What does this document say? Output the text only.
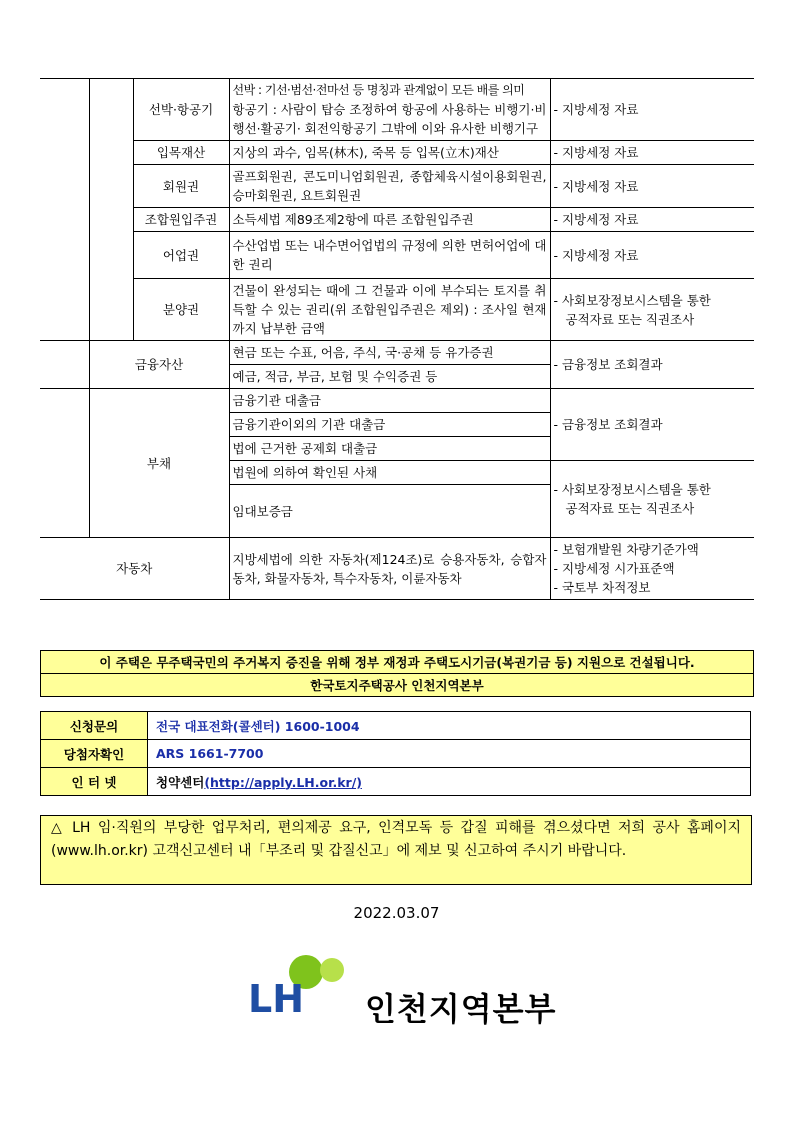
		선박·항공기	선박 : 기선·범선·전마선 등 명칭과 관계없이 모든 배를 의미
항공기 : 사람이 탑승 조정하여 항공에 사용하는 비행기·비행선·활공기· 회전익항공기 그밖에 이와 유사한 비행기구	- 지방세정 자료
		입목재산	지상의 과수, 임목(林木), 죽목 등 입목(立木)재산	- 지방세정 자료
		회원권	골프회원권, 콘도미니엄회원권, 종합체육시설이용회원권, 승마회원권, 요트회원권	- 지방세정 자료
		조합원입주권	소득세법 제89조제2항에 따른 조합원입주권	- 지방세정 자료
		어업권	수산업법 또는 내수면어업법의 규정에 의한 면허어업에 대한 권리	- 지방세정 자료
		분양권	건물이 완성되는 때에 그 건물과 이에 부수되는 토지를 취득할 수 있는 권리(위 조합원입주권은 제외) : 조사일 현재까지 납부한 금액	- 사회보장정보시스템을 통한
공적자료 또는 직권조사

	금융자산		현금 또는 수표, 어음, 주식, 국·공채 등 유가증권	- 금융정보 조회결과
			예금, 적금, 부금, 보험 및 수익증권 등	
	부채		금융기관 대출금	- 금융정보 조회결과
			금융기관이외의 기관 대출금	
			법에 근거한 공제회 대출금	
			법원에 의하여 확인된 사채	- 사회보장정보시스템을 통한
공적자료 또는 직권조사

			임대보증금	
자동차			지방세법에 의한 자동차(제124조)로 승용자동차, 승합자동차, 화물자동차, 특수자동차, 이륜자동차	- 보험개발원 차량기준가액
- 지방세정 시가표준액
- 국토부 차적정보
이 주택은 무주택국민의 주거복지 증진을 위해 정부 재정과 주택도시기금(복권기금 등) 지원으로 건설됩니다.
한국토지주택공사 인천지역본부
신청문의	전국 대표전화(콜센터) 1600-1004
당첨자확인	ARS 1661-7700
인 터 넷	청약센터(http://apply.LH.or.kr/)
△ LH 임·직원의 부당한 업무처리, 편의제공 요구, 인격모독 등 갑질 피해를 겪으셨다면 저희 공사 홈페이지(www.lh.or.kr) 고객신고센터 내「부조리 및 갑질신고」에 제보 및 신고하여 주시기 바랍니다.
2022.03.07
LH 인천지역본부
